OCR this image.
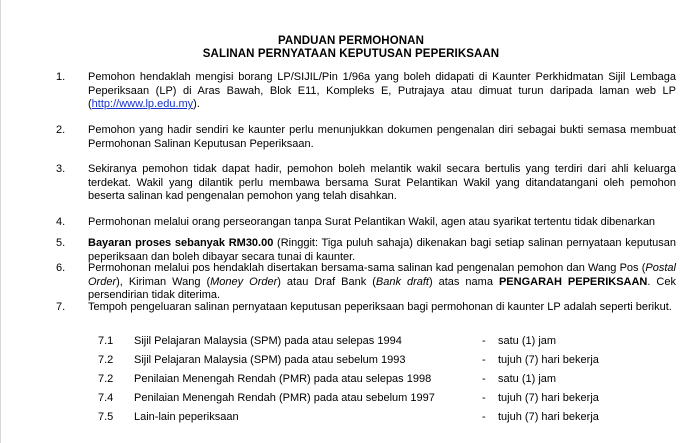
PANDUAN PERMOHONAN
SALINAN PERNYATAAN KEPUTUSAN PEPERIKSAAN
1. Pemohon hendaklah mengisi borang LP/SIJIL/Pin 1/96a yang boleh didapati di Kaunter Perkhidmatan Sijil Lembaga Peperiksaan (LP) di Aras Bawah, Blok E11, Kompleks E, Putrajaya atau dimuat turun daripada laman web LP (http://www.lp.edu.my).
2. Pemohon yang hadir sendiri ke kaunter perlu menunjukkan dokumen pengenalan diri sebagai bukti semasa membuat Permohonan Salinan Keputusan Peperiksaan.
3. Sekiranya pemohon tidak dapat hadir, pemohon boleh melantik wakil secara bertulis yang terdiri dari ahli keluarga terdekat. Wakil yang dilantik perlu membawa bersama Surat Pelantikan Wakil yang ditandatangani oleh pemohon beserta salinan kad pengenalan pemohon yang telah disahkan.
4. Permohonan melalui orang perseorangan tanpa Surat Pelantikan Wakil, agen atau syarikat tertentu tidak dibenarkan
5. Bayaran proses sebanyak RM30.00 (Ringgit: Tiga puluh sahaja) dikenakan bagi setiap salinan pernyataan keputusan peperiksaan dan boleh dibayar secara tunai di kaunter.
6. Permohonan melalui pos hendaklah disertakan bersama-sama salinan kad pengenalan pemohon dan Wang Pos (Postal Order), Kiriman Wang (Money Order) atau Draf Bank (Bank draft) atas nama PENGARAH PEPERIKSAAN. Cek persendirian tidak diterima.
7. Tempoh pengeluaran salinan pernyataan keputusan peperiksaan bagi permohonan di kaunter LP adalah seperti berikut.
7.1 Sijil Pelajaran Malaysia (SPM) pada atau selepas 1994	- satu (1) jam
7.2 Sijil Pelajaran Malaysia (SPM) pada atau sebelum 1993	- tujuh (7) hari bekerja
7.2 Penilaian Menengah Rendah (PMR) pada atau selepas 1998	- satu (1) jam
7.4 Penilaian Menengah Rendah (PMR) pada atau sebelum 1997	- tujuh (7) hari bekerja
7.5 Lain-lain peperiksaan	- tujuh (7) hari bekerja
